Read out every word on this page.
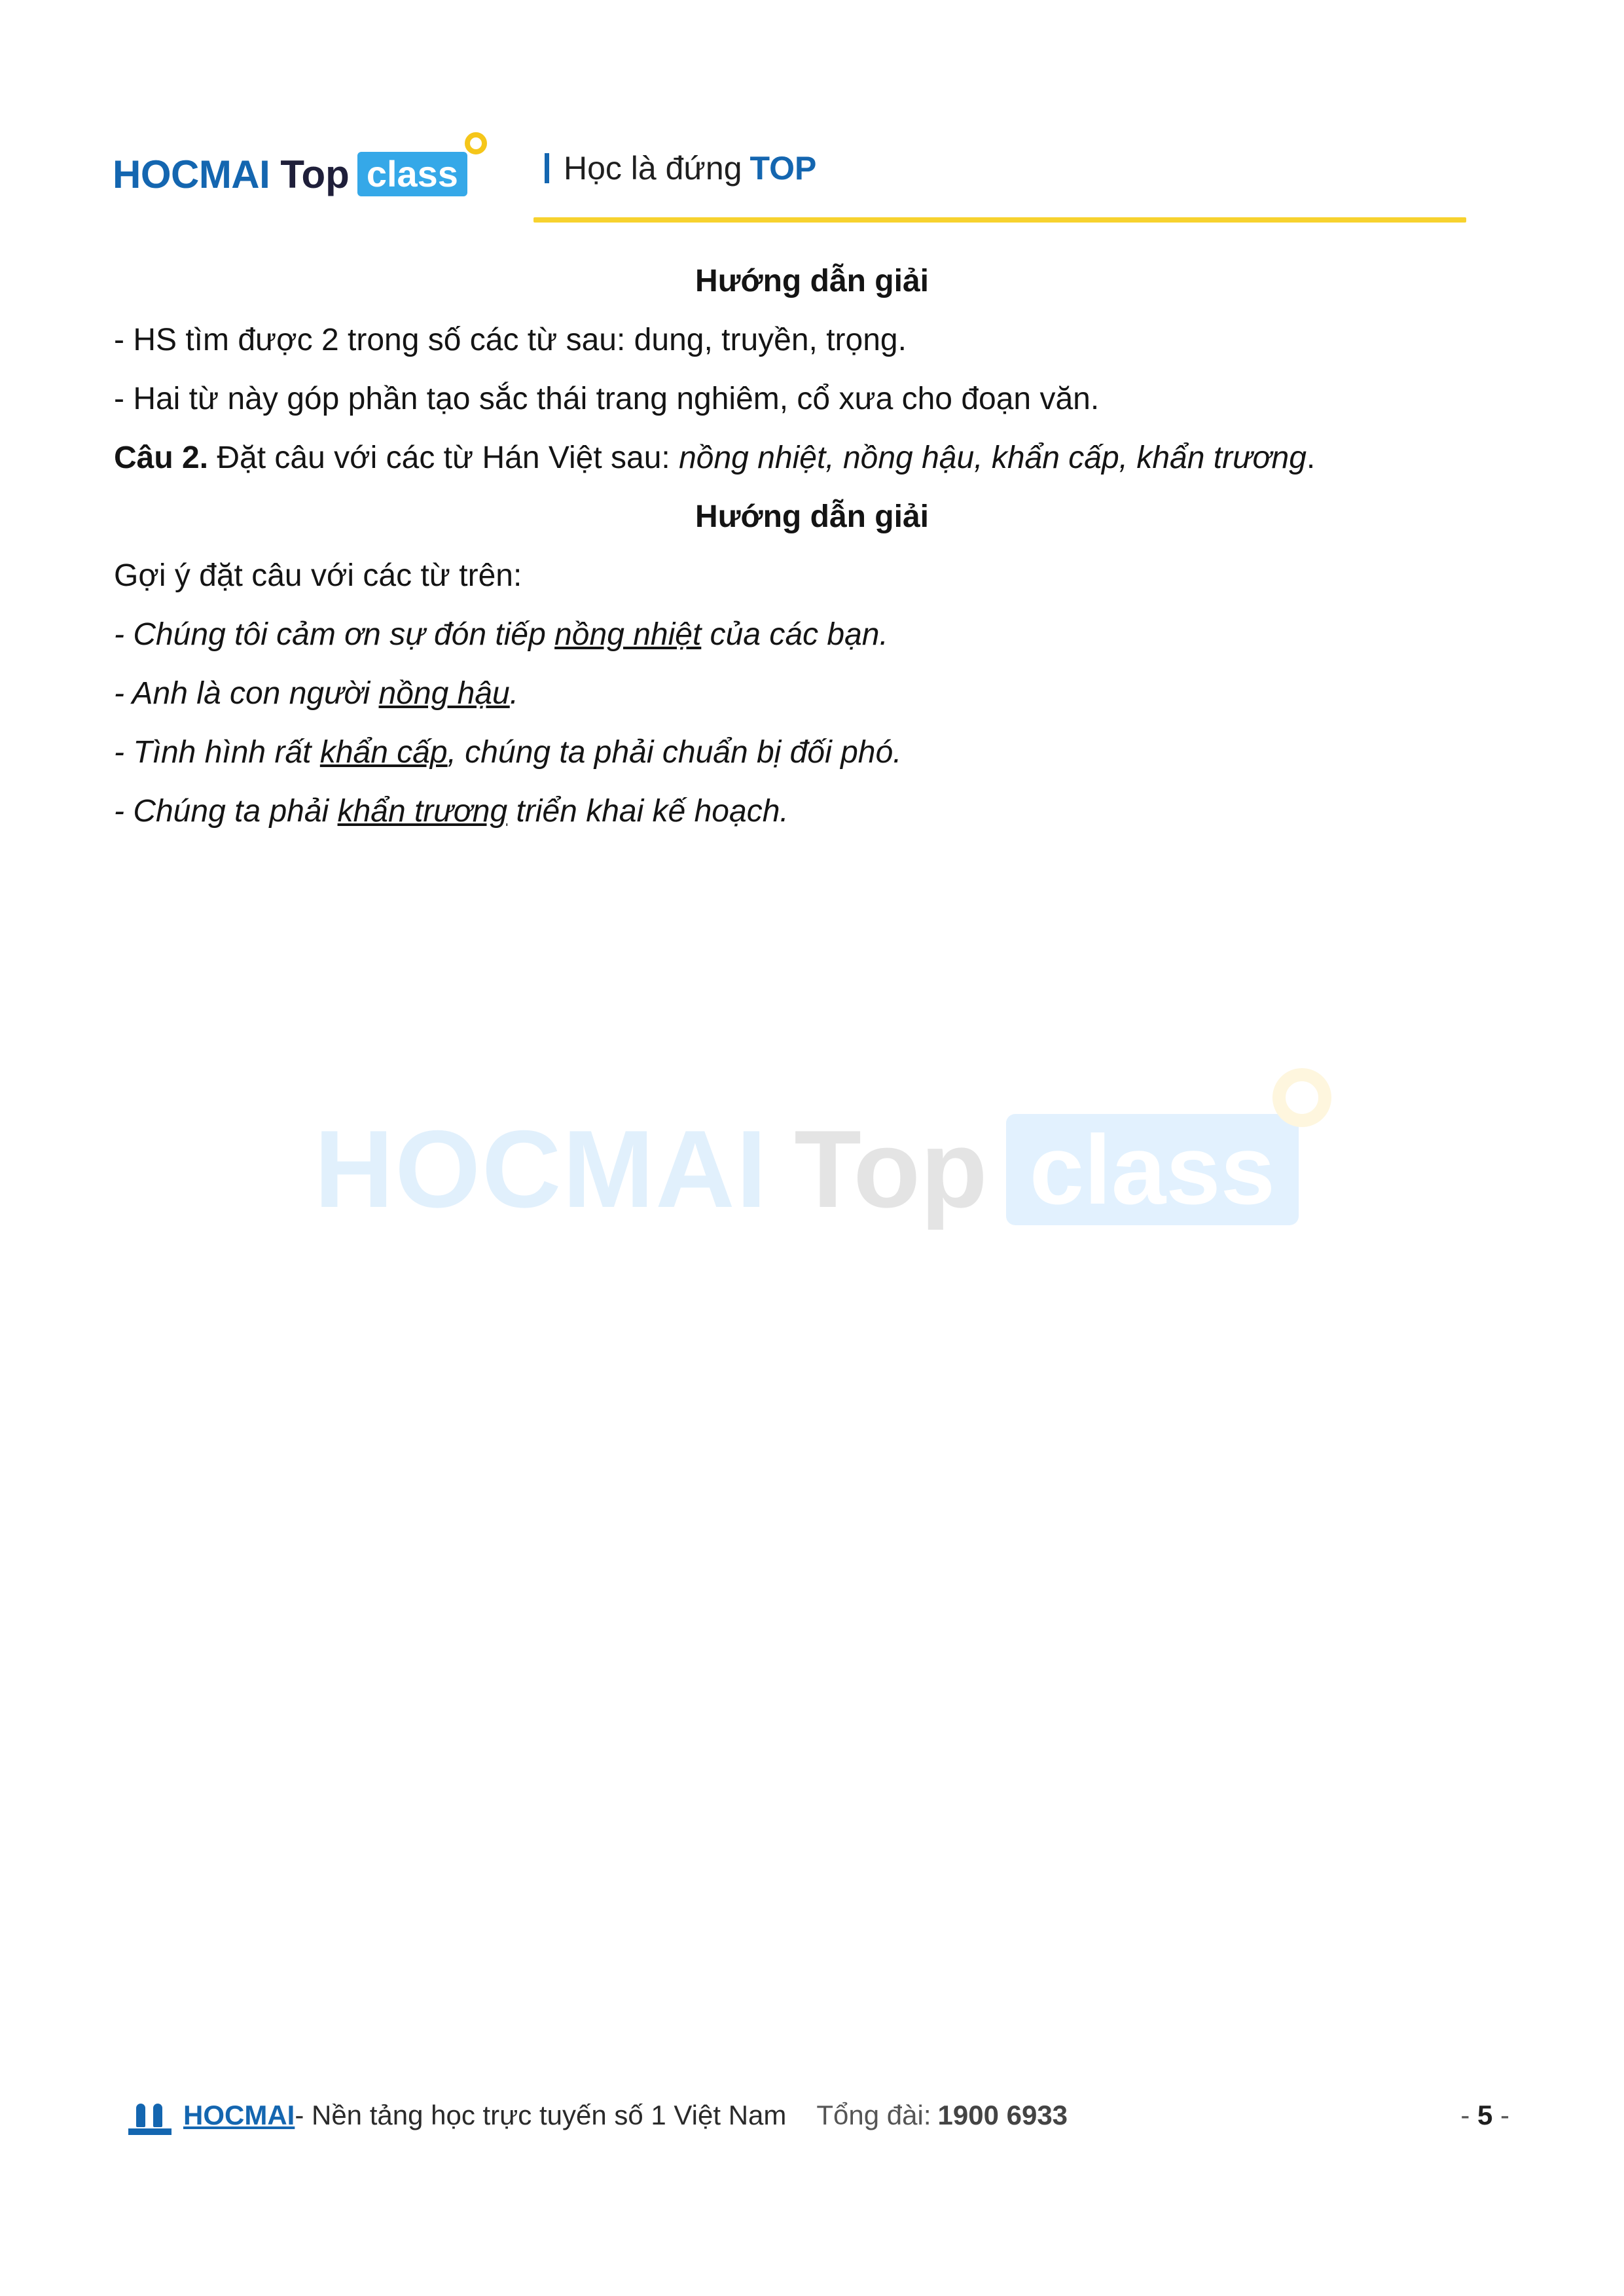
HOCMAI Top class	Học là đứng TOP
HOCMAI Top class
Hướng dẫn giải
- HS tìm được 2 trong số các từ sau: dung, truyền, trọng.
- Hai từ này góp phần tạo sắc thái trang nghiêm, cổ xưa cho đoạn văn.
Câu 2. Đặt câu với các từ Hán Việt sau: nồng nhiệt, nồng hậu, khẩn cấp, khẩn trương.
Hướng dẫn giải
Gợi ý đặt câu với các từ trên:
- Chúng tôi cảm ơn sự đón tiếp nồng nhiệt của các bạn.
- Anh là con người nồng hậu.
- Tình hình rất khẩn cấp, chúng ta phải chuẩn bị đối phó.
- Chúng ta phải khẩn trương triển khai kế hoạch.
HOCMAI - Nền tảng học trực tuyến số 1 Việt Nam Tổng đài: 1900 6933	- 5 -
